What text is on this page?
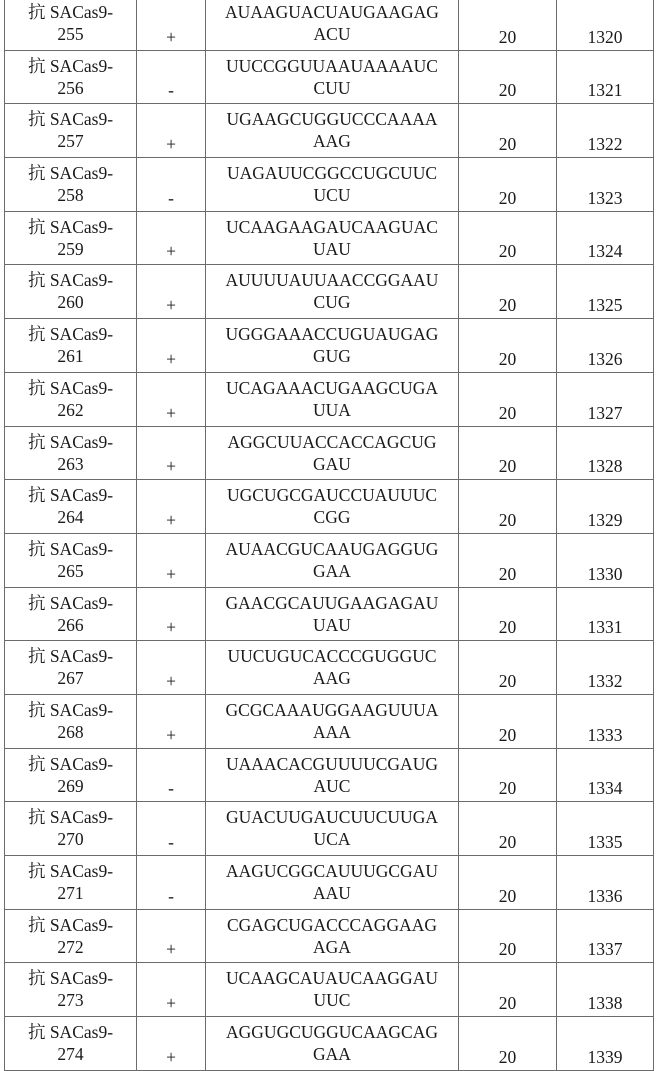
抗 SACas9-
255	+	AUAAGUACUAUGAAGAG
ACU	20	1320

抗 SACas9-
256	-	UUCCGGUUAAUAAAAUC
CUU	20	1321

抗 SACas9-
257	+	UGAAGCUGGUCCCAAAA
AAG	20	1322

抗 SACas9-
258	-	UAGAUUCGGCCUGCUUC
UCU	20	1323

抗 SACas9-
259	+	UCAAGAAGAUCAAGUAC
UAU	20	1324

抗 SACas9-
260	+	AUUUUAUUAACCGGAAU
CUG	20	1325

抗 SACas9-
261	+	UGGGAAACCUGUAUGAG
GUG	20	1326

抗 SACas9-
262	+	UCAGAAACUGAAGCUGA
UUA	20	1327

抗 SACas9-
263	+	AGGCUUACCACCAGCUG
GAU	20	1328

抗 SACas9-
264	+	UGCUGCGAUCCUAUUUC
CGG	20	1329

抗 SACas9-
265	+	AUAACGUCAAUGAGGUG
GAA	20	1330

抗 SACas9-
266	+	GAACGCAUUGAAGAGAU
UAU	20	1331

抗 SACas9-
267	+	UUCUGUCACCCGUGGUC
AAG	20	1332

抗 SACas9-
268	+	GCGCAAAUGGAAGUUUA
AAA	20	1333

抗 SACas9-
269	-	UAAACACGUUUUCGAUG
AUC	20	1334

抗 SACas9-
270	-	GUACUUGAUCUUCUUGA
UCA	20	1335

抗 SACas9-
271	-	AAGUCGGCAUUUGCGAU
AAU	20	1336

抗 SACas9-
272	+	CGAGCUGACCCAGGAAG
AGA	20	1337

抗 SACas9-
273	+	UCAAGCAUAUCAAGGAU
UUC	20	1338

抗 SACas9-
274	+	AGGUGCUGGUCAAGCAG
GAA	20	1339
